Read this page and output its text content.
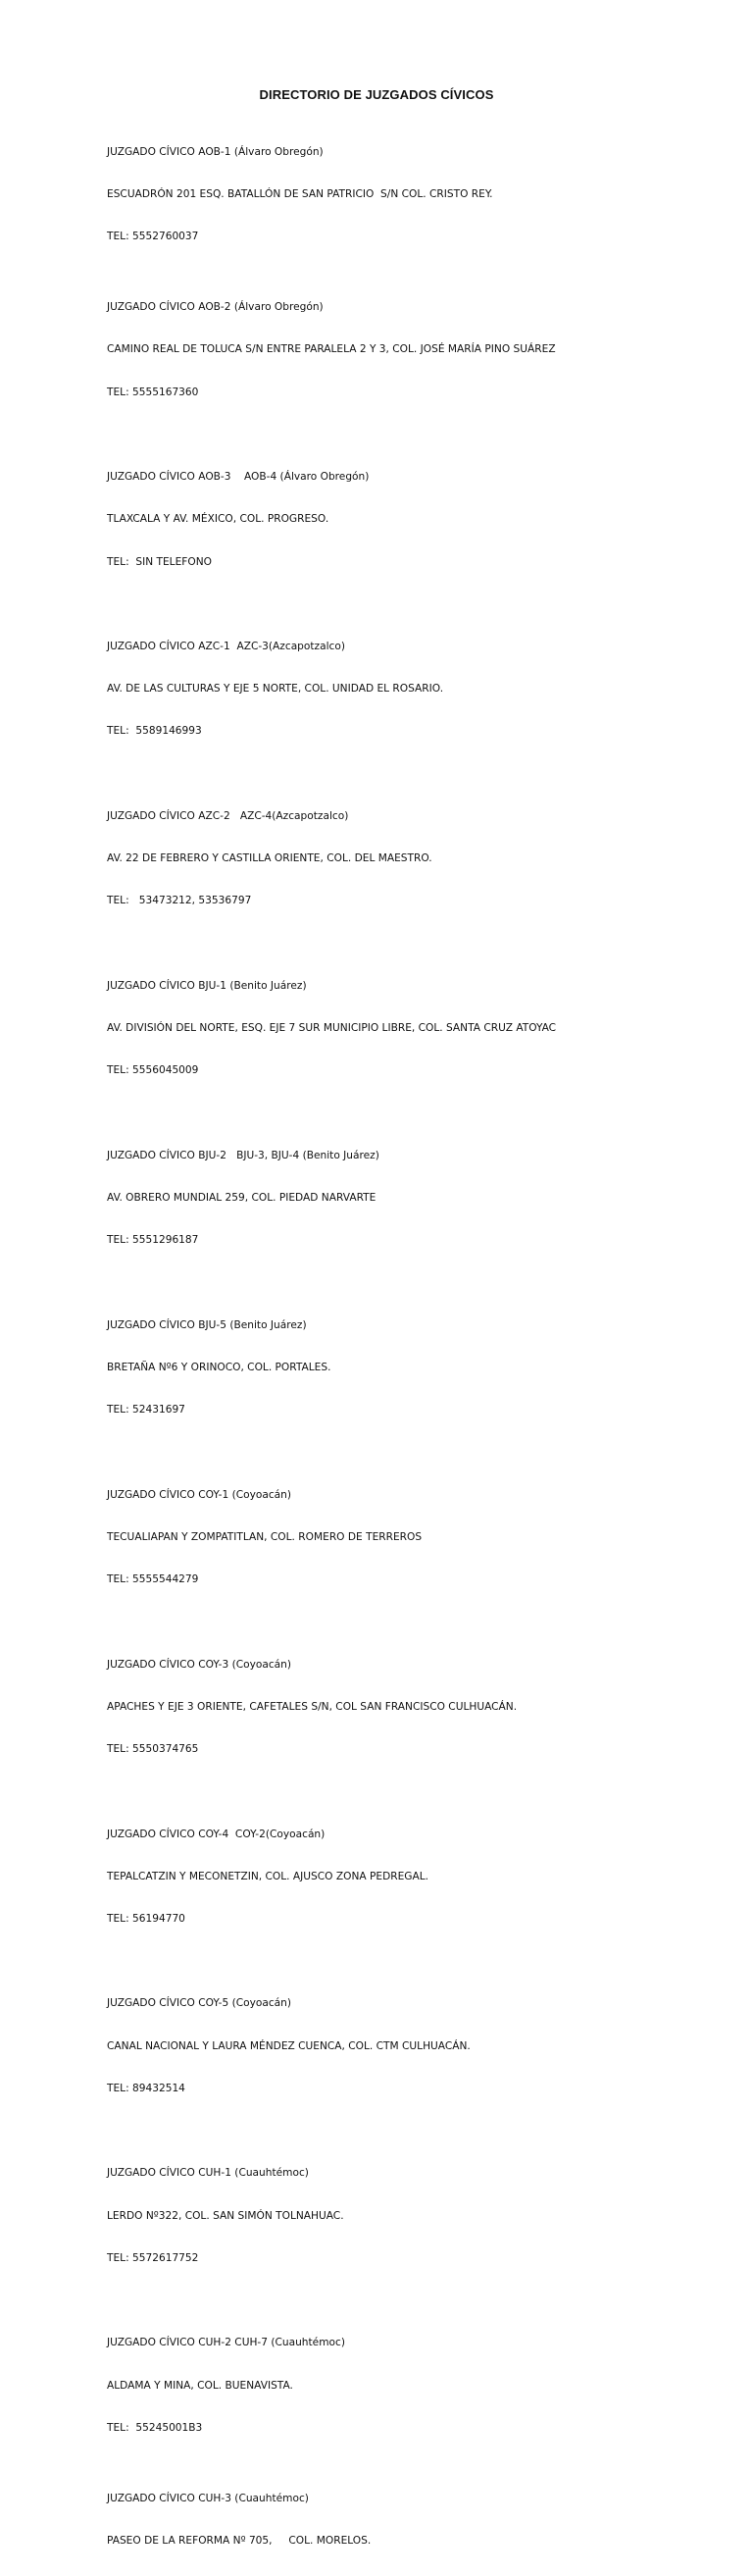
DIRECTORIO DE JUZGADOS CÍVICOS

JUZGADO CÍVICO AOB-1 (Álvaro Obregón)

ESCUADRÓN 201 ESQ. BATALLÓN DE SAN PATRICIO  S/N COL. CRISTO REY.

TEL: 5552760037

JUZGADO CÍVICO AOB-2 (Álvaro Obregón)

CAMINO REAL DE TOLUCA S/N ENTRE PARALELA 2 Y 3, COL. JOSÉ MARÍA PINO SUÁREZ

TEL: 5555167360

JUZGADO CÍVICO AOB-3    AOB-4 (Álvaro Obregón)

TLAXCALA Y AV. MÉXICO, COL. PROGRESO.

TEL:  SIN TELEFONO

JUZGADO CÍVICO AZC-1  AZC-3(Azcapotzalco)

AV. DE LAS CULTURAS Y EJE 5 NORTE, COL. UNIDAD EL ROSARIO.

TEL:  5589146993

JUZGADO CÍVICO AZC-2   AZC-4(Azcapotzalco)

AV. 22 DE FEBRERO Y CASTILLA ORIENTE, COL. DEL MAESTRO.

TEL:   53473212, 53536797

JUZGADO CÍVICO BJU-1 (Benito Juárez)

AV. DIVISIÓN DEL NORTE, ESQ. EJE 7 SUR MUNICIPIO LIBRE, COL. SANTA CRUZ ATOYAC

TEL: 5556045009

JUZGADO CÍVICO BJU-2   BJU-3, BJU-4 (Benito Juárez)

AV. OBRERO MUNDIAL 259, COL. PIEDAD NARVARTE

TEL: 5551296187

JUZGADO CÍVICO BJU-5 (Benito Juárez)

BRETAÑA Nº6 Y ORINOCO, COL. PORTALES.

TEL: 52431697

JUZGADO CÍVICO COY-1 (Coyoacán)

TECUALIAPAN Y ZOMPATITLAN, COL. ROMERO DE TERREROS

TEL: 5555544279

JUZGADO CÍVICO COY-3 (Coyoacán)

APACHES Y EJE 3 ORIENTE, CAFETALES S/N, COL SAN FRANCISCO CULHUACÁN.

TEL: 5550374765

JUZGADO CÍVICO COY-4  COY-2(Coyoacán)

TEPALCATZIN Y MECONETZIN, COL. AJUSCO ZONA PEDREGAL.

TEL: 56194770

JUZGADO CÍVICO COY-5 (Coyoacán)

CANAL NACIONAL Y LAURA MÉNDEZ CUENCA, COL. CTM CULHUACÁN.

TEL: 89432514

JUZGADO CÍVICO CUH-1 (Cuauhtémoc)

LERDO Nº322, COL. SAN SIMÓN TOLNAHUAC.

TEL: 5572617752

JUZGADO CÍVICO CUH-2 CUH-7 (Cuauhtémoc)

ALDAMA Y MINA, COL. BUENAVISTA.

TEL:  55245001B3

JUZGADO CÍVICO CUH-3 (Cuauhtémoc)

PASEO DE LA REFORMA Nº 705,     COL. MORELOS.
